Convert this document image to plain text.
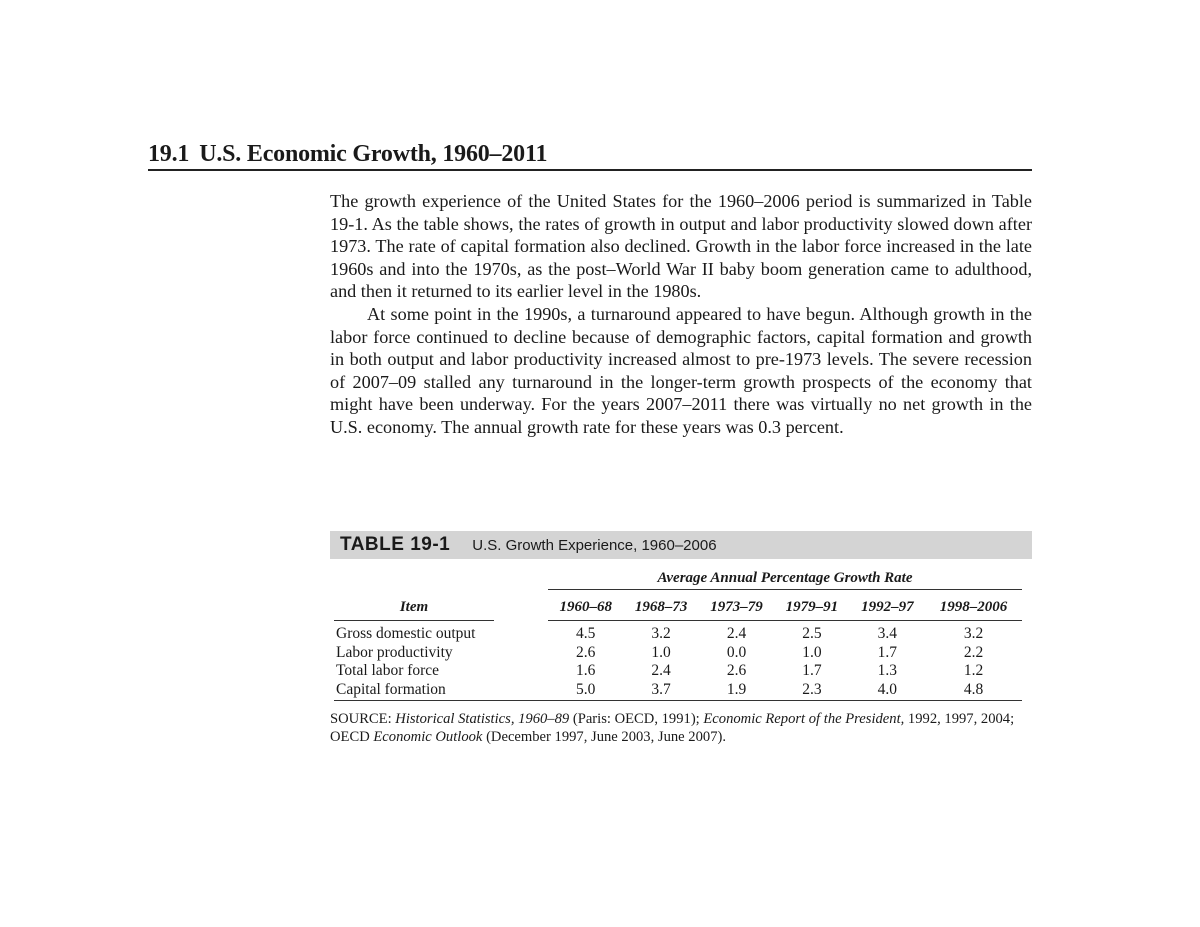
19.1 U.S. Economic Growth, 1960–2011

The growth experience of the United States for the 1960–2006 period is summarized in Table 19-1. As the table shows, the rates of growth in output and labor productivity slowed down after 1973. The rate of capital formation also declined. Growth in the labor force increased in the late 1960s and into the 1970s, as the post–World War II baby boom generation came to adulthood, and then it returned to its earlier level in the 1980s.

At some point in the 1990s, a turnaround appeared to have begun. Although growth in the labor force continued to decline because of demographic factors, capital formation and growth in both output and labor productivity increased almost to pre-1973 levels. The severe recession of 2007–09 stalled any turnaround in the longer-term growth prospects of the economy that might have been underway. For the years 2007–2011 there was virtually no net growth in the U.S. economy. The annual growth rate for these years was 0.3 percent.

TABLE 19-1 U.S. Growth Experience, 1960–2006
		Average Annual Percentage Growth Rate					
Item		1960–68	1968–73	1973–79	1979–91	1992–97	1998–2006
Gross domestic output		4.5	3.2	2.4	2.5	3.4	3.2
Labor productivity		2.6	1.0	0.0	1.0	1.7	2.2
Total labor force		1.6	2.4	2.6	1.7	1.3	1.2
Capital formation		5.0	3.7	1.9	2.3	4.0	4.8
SOURCE: Historical Statistics, 1960–89 (Paris: OECD, 1991); Economic Report of the President, 1992, 1997, 2004; OECD Economic Outlook (December 1997, June 2003, June 2007).
